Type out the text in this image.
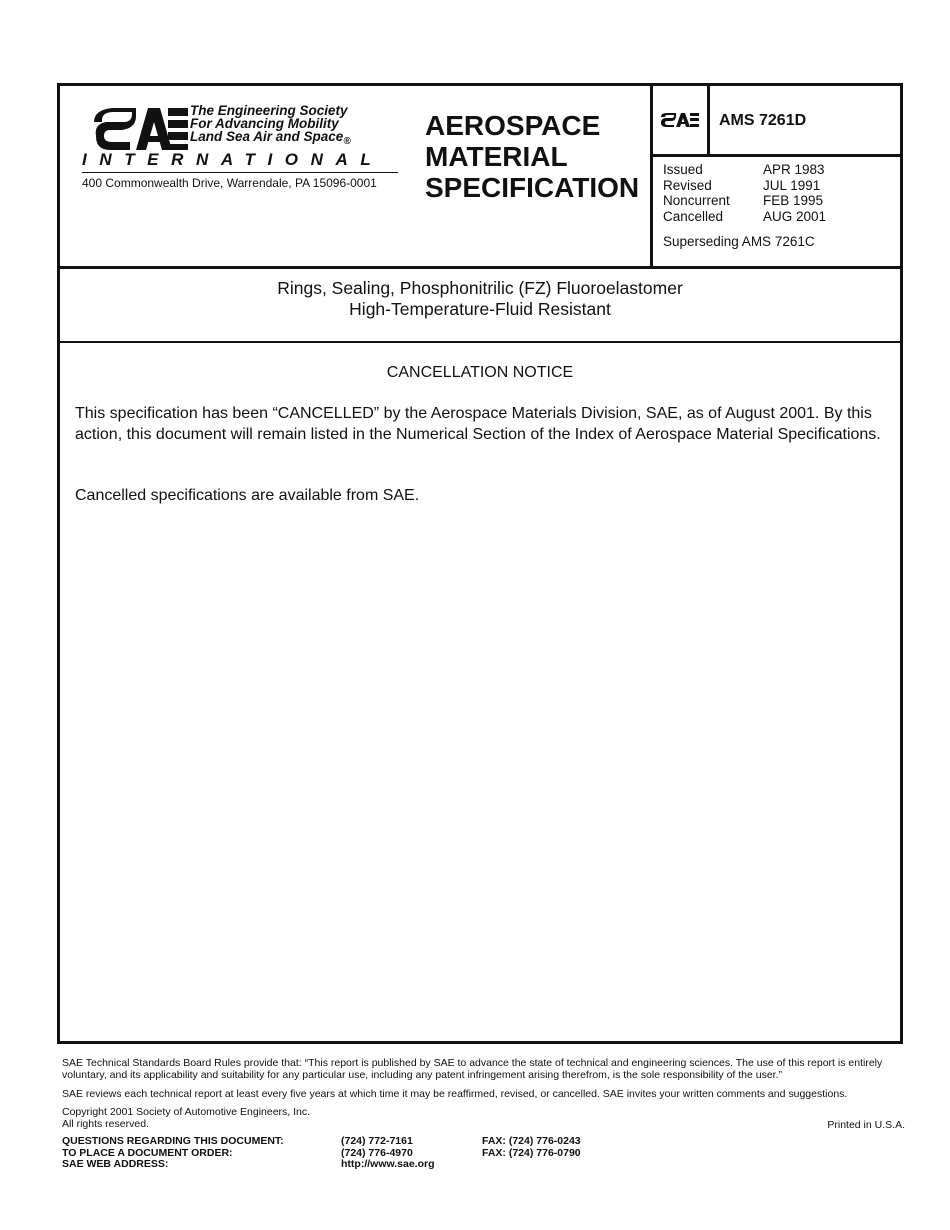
The Engineering Society
For Advancing Mobility
Land Sea Air and Space$_®$
INTERNATIONAL
400 Commonwealth Drive, Warrendale, PA 15096-0001
AEROSPACE
MATERIAL
SPECIFICATION
AMS 7261D
Issued	APR 1983
Revised	JUL 1991
Noncurrent FEB 1995
Cancelled	AUG 2001
Superseding AMS 7261C
Rings, Sealing, Phosphonitrilic (FZ) Fluoroelastomer
High-Temperature-Fluid Resistant
CANCELLATION NOTICE
This specification has been “CANCELLED” by the Aerospace Materials Division, SAE, as of August 2001. By this action, this document will remain listed in the Numerical Section of the Index of Aerospace Material Specifications.
Cancelled specifications are available from SAE.
SAE Technical Standards Board Rules provide that: “This report is published by SAE to advance the state of technical and engineering sciences. The use of this report is entirely voluntary, and its applicability and suitability for any particular use, including any patent infringement arising therefrom, is the sole responsibility of the user.”
SAE reviews each technical report at least every five years at which time it may be reaffirmed, revised, or cancelled. SAE invites your written comments and suggestions.
Copyright 2001 Society of Automotive Engineers, Inc.
All rights reserved.	Printed in U.S.A.
QUESTIONS REGARDING THIS DOCUMENT:	(724) 772-7161	FAX: (724) 776-0243
TO PLACE A DOCUMENT ORDER:	(724) 776-4970	FAX: (724) 776-0790
SAE WEB ADDRESS:	http://www.sae.org
